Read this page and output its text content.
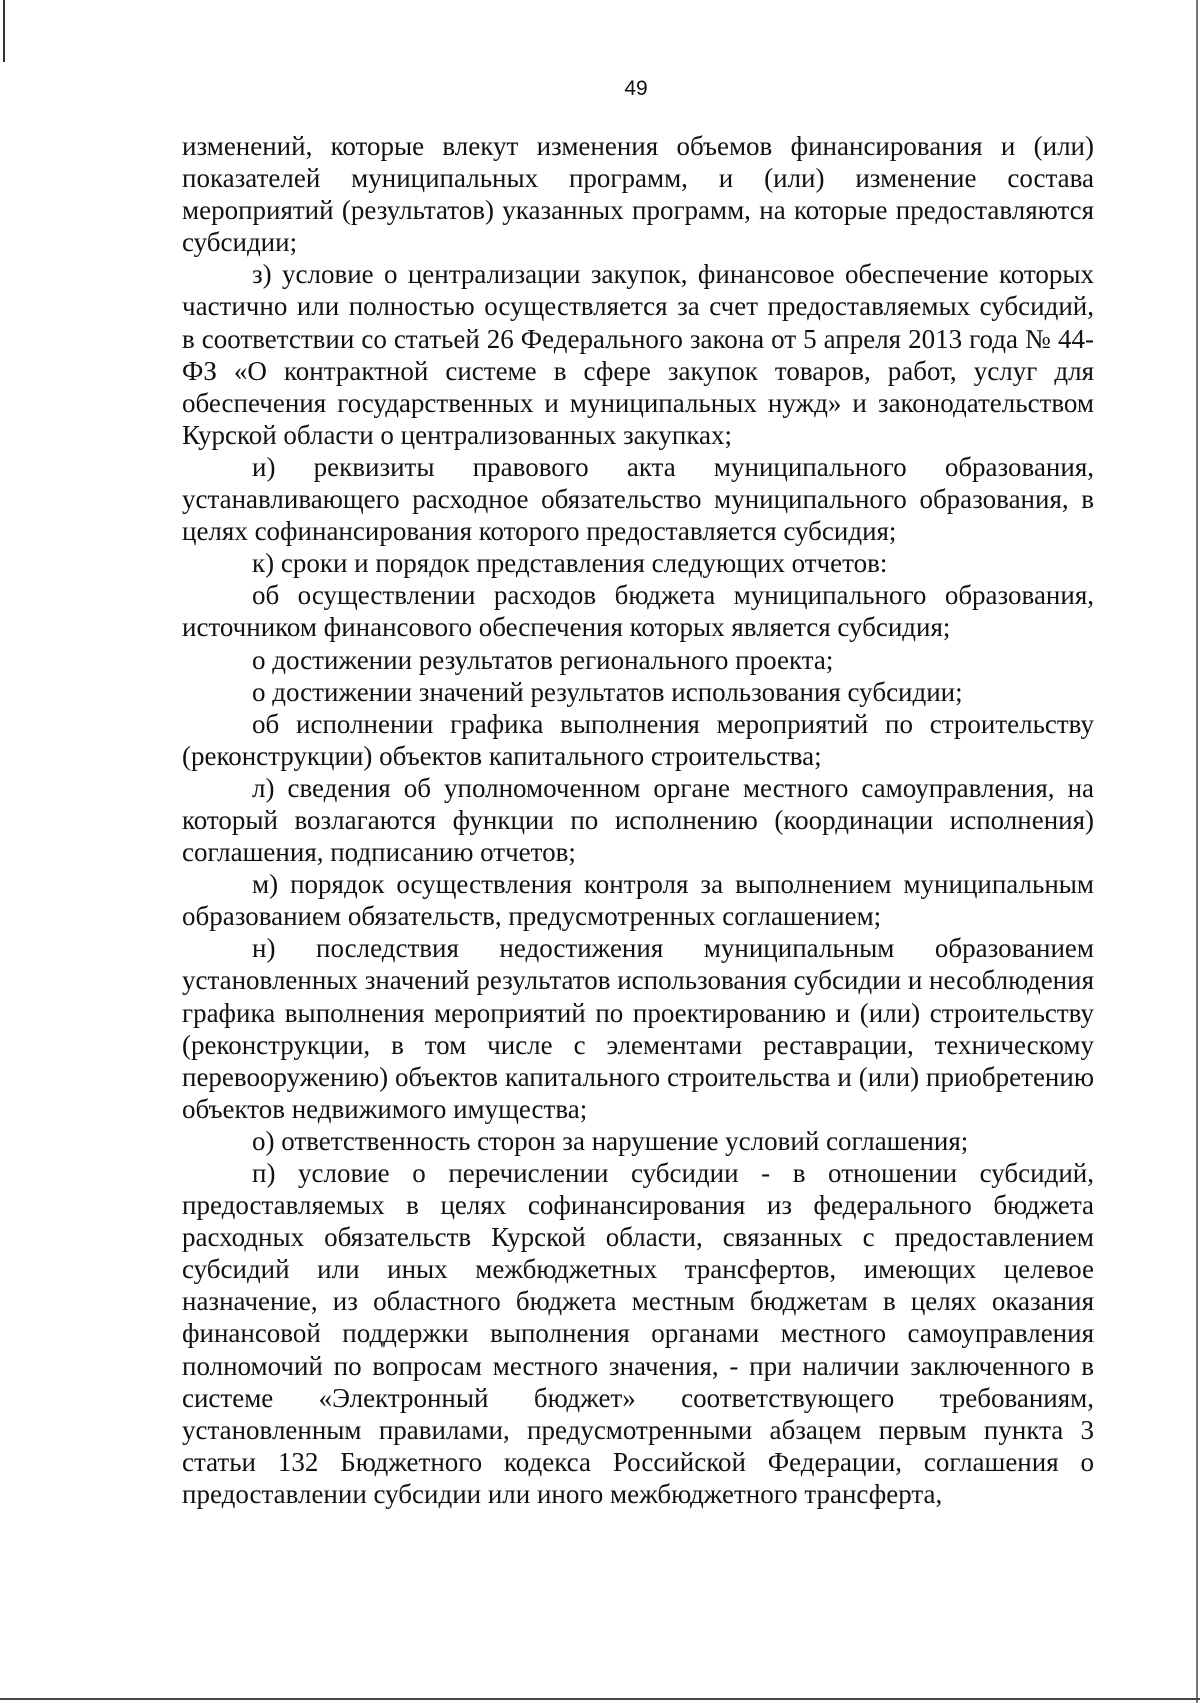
49

изменений, которые влекут изменения объемов финансирования и (или) показателей муниципальных программ, и (или) изменение состава мероприятий (результатов) указанных программ, на которые предоставляются субсидии;

з) условие о централизации закупок, финансовое обеспечение которых частично или полностью осуществляется за счет предоставляемых субсидий, в соответствии со статьей 26 Федерального закона от 5 апреля 2013 года № 44-ФЗ «О контрактной системе в сфере закупок товаров, работ, услуг для обеспечения государственных и муниципальных нужд» и законодательством Курской области о централизованных закупках;

и) реквизиты правового акта муниципального образования, устанавливающего расходное обязательство муниципального образования, в целях софинансирования которого предоставляется субсидия;

к) сроки и порядок представления следующих отчетов:

об осуществлении расходов бюджета муниципального образования, источником финансового обеспечения которых является субсидия;

о достижении результатов регионального проекта;

о достижении значений результатов использования субсидии;

об исполнении графика выполнения мероприятий по строительству (реконструкции) объектов капитального строительства;

л) сведения об уполномоченном органе местного самоуправления, на который возлагаются функции по исполнению (координации исполнения) соглашения, подписанию отчетов;

м) порядок осуществления контроля за выполнением муниципальным образованием обязательств, предусмотренных соглашением;

н) последствия недостижения муниципальным образованием установленных значений результатов использования субсидии и несоблюдения графика выполнения мероприятий по проектированию и (или) строительству (реконструкции, в том числе с элементами реставрации, техническому перевооружению) объектов капитального строительства и (или) приобретению объектов недвижимого имущества;

о) ответственность сторон за нарушение условий соглашения;

п) условие о перечислении субсидии - в отношении субсидий, предоставляемых в целях софинансирования из федерального бюджета расходных обязательств Курской области, связанных с предоставлением субсидий или иных межбюджетных трансфертов, имеющих целевое назначение, из областного бюджета местным бюджетам в целях оказания финансовой поддержки выполнения органами местного самоуправления полномочий по вопросам местного значения, - при наличии заключенного в системе «Электронный бюджет» соответствующего требованиям, установленным правилами, предусмотренными абзацем первым пункта 3 статьи 132 Бюджетного кодекса Российской Федерации, соглашения о предоставлении субсидии или иного межбюджетного трансферта,
